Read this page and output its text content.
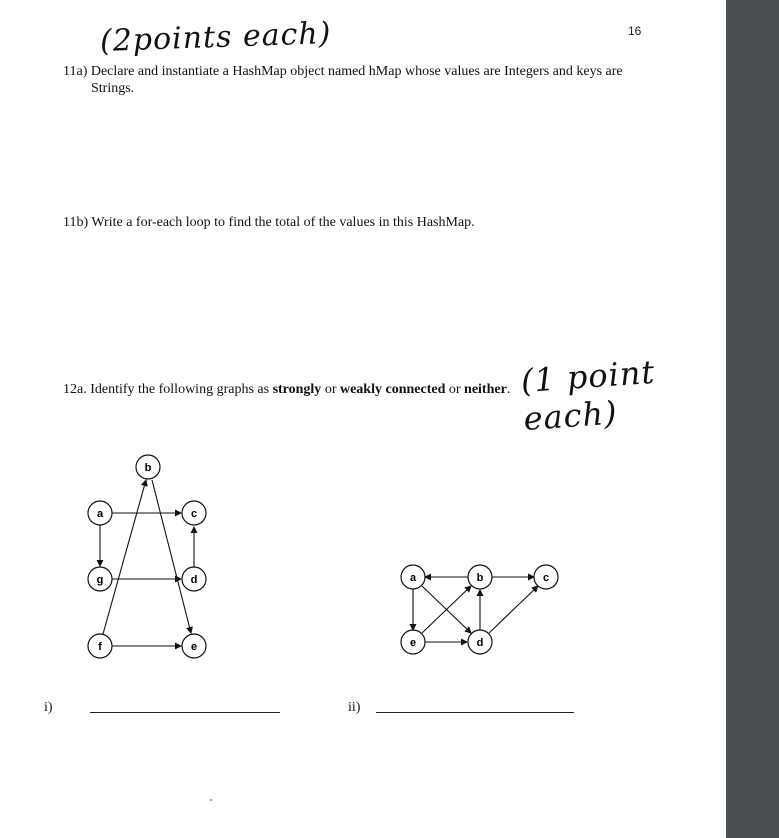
16
(2points each)
11a) Declare and instantiate a HashMap object named hMap whose values are Integers and keys are
Strings.
11b) Write a for-each loop to find the total of the values in this HashMap.
12a. Identify the following graphs as strongly or weakly connected or neither. (1 point each)
b
a	c
g	d
f	e
a	b	c
e	d
i)	ii)
